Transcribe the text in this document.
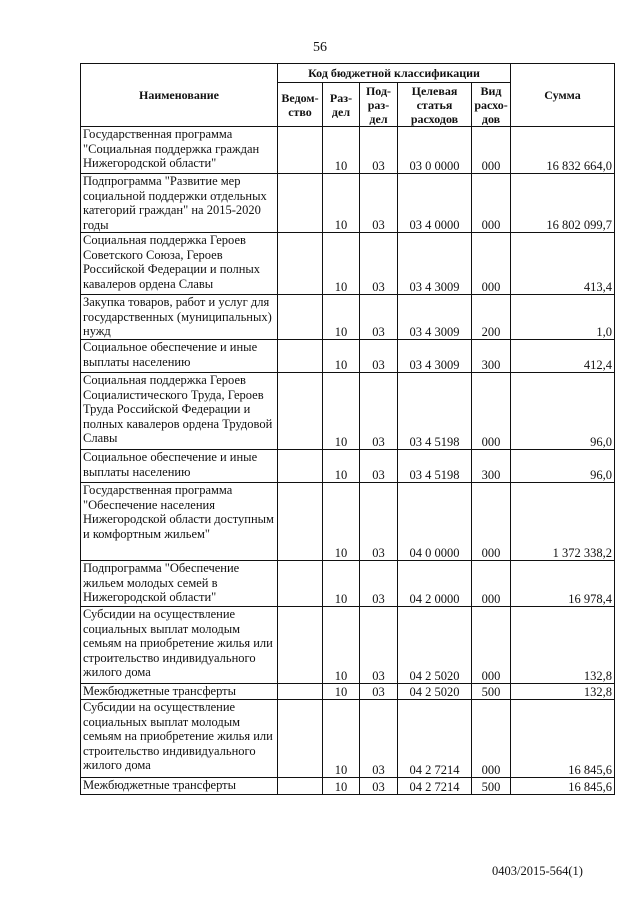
56
Наименование	Код бюджетной классификации					Сумма
	Ведом-ство	Раз-дел	Под-раз-дел	Целевая статья расходов	Вид расхо-дов	
Государственная программа "Социальная поддержка граждан Нижегородской области"		10	03	03 0 0000	000	16 832 664,0
Подпрограмма "Развитие мер социальной поддержки отдельных категорий граждан" на 2015-2020 годы		10	03	03 4 0000	000	16 802 099,7
Социальная поддержка Героев Советского Союза, Героев Российской Федерации и полных кавалеров ордена Славы		10	03	03 4 3009	000	413,4
Закупка товаров, работ и услуг для государственных (муниципальных) нужд		10	03	03 4 3009	200	1,0
Социальное обеспечение и иные выплаты населению		10	03	03 4 3009	300	412,4
Социальная поддержка Героев Социалистического Труда, Героев Труда Российской Федерации и полных кавалеров ордена Трудовой Славы		10	03	03 4 5198	000	96,0
Социальное обеспечение и иные выплаты населению		10	03	03 4 5198	300	96,0
Государственная программа "Обеспечение населения Нижегородской области доступным и комфортным жильем"		10	03	04 0 0000	000	1 372 338,2
Подпрограмма "Обеспечение жильем молодых семей в Нижегородской области"		10	03	04 2 0000	000	16 978,4
Субсидии на осуществление социальных выплат молодым семьям на приобретение жилья или строительство индивидуального жилого дома		10	03	04 2 5020	000	132,8
Межбюджетные трансферты		10	03	04 2 5020	500	132,8
Субсидии на осуществление социальных выплат молодым семьям на приобретение жилья или строительство индивидуального жилого дома		10	03	04 2 7214	000	16 845,6
Межбюджетные трансферты		10	03	04 2 7214	500	16 845,6
0403/2015-564(1)
